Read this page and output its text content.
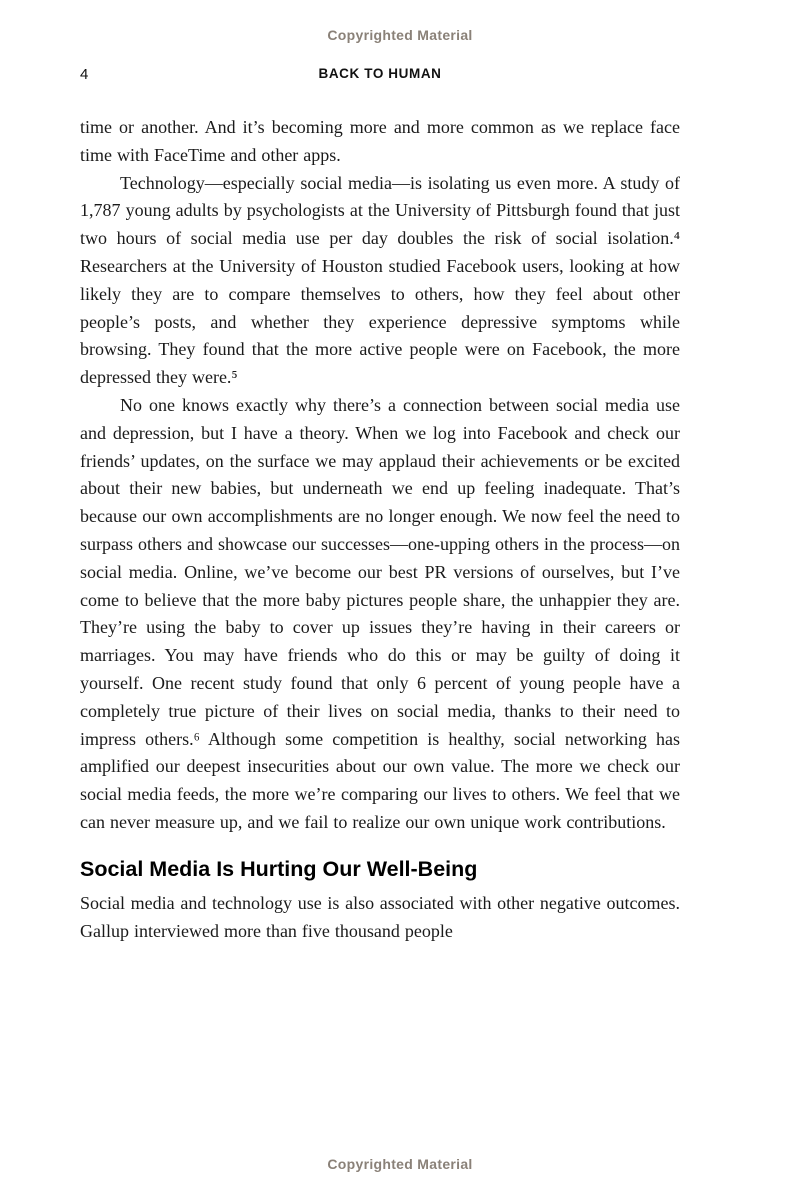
Copyrighted Material
4	BACK TO HUMAN

time or another. And it’s becoming more and more common as we replace face time with FaceTime and other apps.

Technology—especially social media—is isolating us even more. A study of 1,787 young adults by psychologists at the University of Pittsburgh found that just two hours of social media use per day doubles the risk of social isolation.⁴ Researchers at the University of Houston studied Facebook users, looking at how likely they are to compare themselves to others, how they feel about other people’s posts, and whether they experience depressive symptoms while browsing. They found that the more active people were on Facebook, the more depressed they were.⁵

No one knows exactly why there’s a connection between social media use and depression, but I have a theory. When we log into Facebook and check our friends’ updates, on the surface we may applaud their achievements or be excited about their new babies, but underneath we end up feeling inadequate. That’s because our own accomplishments are no longer enough. We now feel the need to surpass others and showcase our successes—one-upping others in the process—on social media. Online, we’ve become our best PR versions of ourselves, but I’ve come to believe that the more baby pictures people share, the unhappier they are. They’re using the baby to cover up issues they’re having in their careers or marriages. You may have friends who do this or may be guilty of doing it yourself. One recent study found that only 6 percent of young people have a completely true picture of their lives on social media, thanks to their need to impress others.⁶ Although some competition is healthy, social networking has amplified our deepest insecurities about our own value. The more we check our social media feeds, the more we’re comparing our lives to others. We feel that we can never measure up, and we fail to realize our own unique work contributions.

Social Media Is Hurting Our Well-Being

Social media and technology use is also associated with other negative outcomes. Gallup interviewed more than five thousand people

Copyrighted Material
